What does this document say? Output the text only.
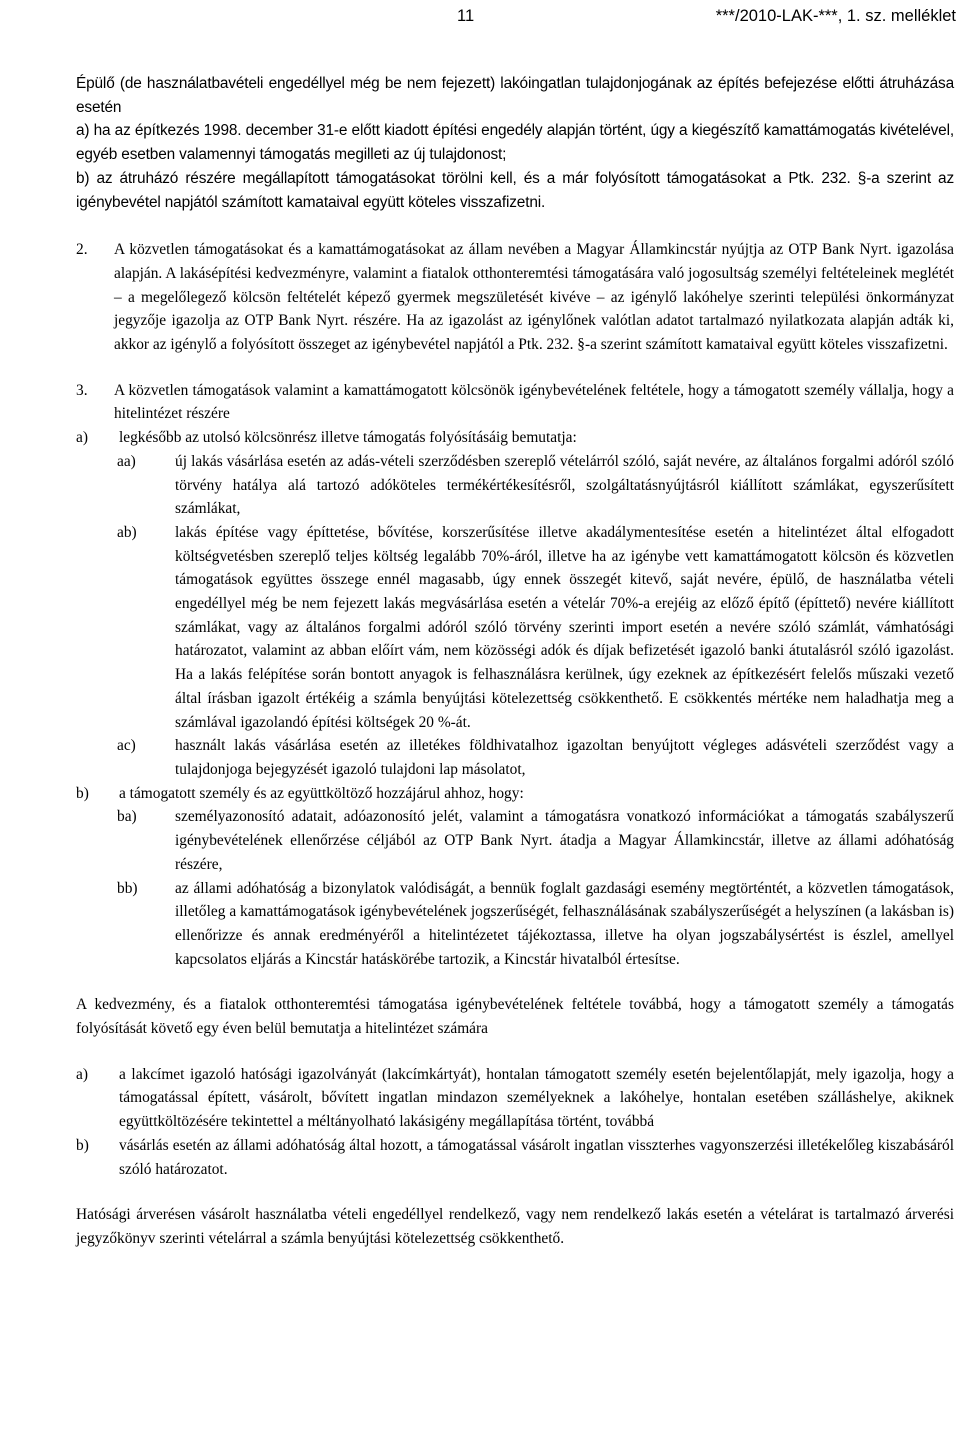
11	***/2010-LAK-***, 1. sz. melléklet

Épülő (de használatbavételi engedéllyel még be nem fejezett) lakóingatlan tulajdonjogának az építés befejezése előtti átruházása esetén

a) ha az építkezés 1998. december 31-e előtt kiadott építési engedély alapján történt, úgy a kiegészítő kamattámogatás kivételével, egyéb esetben valamennyi támogatás megilleti az új tulajdonost;

b) az átruházó részére megállapított támogatásokat törölni kell, és a már folyósított támogatásokat a Ptk. 232. §-a szerint az igénybevétel napjától számított kamataival együtt köteles visszafizetni.

2.	A közvetlen támogatásokat és a kamattámogatásokat az állam nevében a Magyar Államkincstár nyújtja az OTP Bank Nyrt. igazolása alapján. A lakásépítési kedvezményre, valamint a fiatalok otthonteremtési támogatására való jogosultság személyi feltételeinek meglétét – a megelőlegező kölcsön feltételét képező gyermek megszületését kivéve – az igénylő lakóhelye szerinti települési önkormányzat jegyzője igazolja az OTP Bank Nyrt. részére. Ha az igazolást az igénylőnek valótlan adatot tartalmazó nyilatkozata alapján adták ki, akkor az igénylő a folyósított összeget az igénybevétel napjától a Ptk. 232. §-a szerint számított kamataival együtt köteles visszafizetni.
3.	A közvetlen támogatások valamint a kamattámogatott kölcsönök igénybevételének feltétele, hogy a támogatott személy vállalja, hogy a hitelintézet részére
a)	legkésőbb az utolsó kölcsönrész illetve támogatás folyósításáig bemutatja:
aa)	új lakás vásárlása esetén az adás-vételi szerződésben szereplő vételárról szóló, saját nevére, az általános forgalmi adóról szóló törvény hatálya alá tartozó adóköteles termékértékesítésről, szolgáltatásnyújtásról kiállított számlákat, egyszerűsített számlákat,
ab)	lakás építése vagy építtetése, bővítése, korszerűsítése illetve akadálymentesítése esetén a hitelintézet által elfogadott költségvetésben szereplő teljes költség legalább 70%-áról, illetve ha az igénybe vett kamattámogatott kölcsön és közvetlen támogatások együttes összege ennél magasabb, úgy ennek összegét kitevő, saját nevére, épülő, de használatba vételi engedéllyel még be nem fejezett lakás megvásárlása esetén a vételár 70%-a erejéig az előző építő (építtető) nevére kiállított számlákat, vagy az általános forgalmi adóról szóló törvény szerinti import esetén a nevére szóló számlát, vámhatósági határozatot, valamint az abban előírt vám, nem közösségi adók és díjak befizetését igazoló banki átutalásról szóló igazolást. Ha a lakás felépítése során bontott anyagok is felhasználásra kerülnek, úgy ezeknek az építkezésért felelős műszaki vezető által írásban igazolt értékéig a számla benyújtási kötelezettség csökkenthető. E csökkentés mértéke nem haladhatja meg a számlával igazolandó építési költségek 20 %-át.
ac)	használt lakás vásárlása esetén az illetékes földhivatalhoz igazoltan benyújtott végleges adásvételi szerződést vagy a tulajdonjoga bejegyzését igazoló tulajdoni lap másolatot,
b)	a támogatott személy és az együttköltöző hozzájárul ahhoz, hogy:
ba)	személyazonosító adatait, adóazonosító jelét, valamint a támogatásra vonatkozó információkat a támogatás szabályszerű igénybevételének ellenőrzése céljából az OTP Bank Nyrt. átadja a Magyar Államkincstár, illetve az állami adóhatóság részére,
bb)	az állami adóhatóság a bizonylatok valódiságát, a bennük foglalt gazdasági esemény megtörténtét, a közvetlen támogatások, illetőleg a kamattámogatások igénybevételének jogszerűségét, felhasználásának szabályszerűségét a helyszínen (a lakásban is) ellenőrizze és annak eredményéről a hitelintézetet tájékoztassa, illetve ha olyan jogszabálysértést is észlel, amellyel kapcsolatos eljárás a Kincstár hatáskörébe tartozik, a Kincstár hivatalból értesítse.

A kedvezmény, és a fiatalok otthonteremtési támogatása igénybevételének feltétele továbbá, hogy a támogatott személy a támogatás folyósítását követő egy éven belül bemutatja a hitelintézet számára

a)	a lakcímet igazoló hatósági igazolványát (lakcímkártyát), hontalan támogatott személy esetén bejelentőlapját, mely igazolja, hogy a támogatással épített, vásárolt, bővített ingatlan mindazon személyeknek a lakóhelye, hontalan esetében szálláshelye, akiknek együttköltözésére tekintettel a méltányolható lakásigény megállapítása történt, továbbá
b)	vásárlás esetén az állami adóhatóság által hozott, a támogatással vásárolt ingatlan visszterhes vagyonszerzési illetékelőleg kiszabásáról szóló határozatot.

Hatósági árverésen vásárolt használatba vételi engedéllyel rendelkező, vagy nem rendelkező lakás esetén a vételárat is tartalmazó árverési jegyzőkönyv szerinti vételárral a számla benyújtási kötelezettség csökkenthető.
